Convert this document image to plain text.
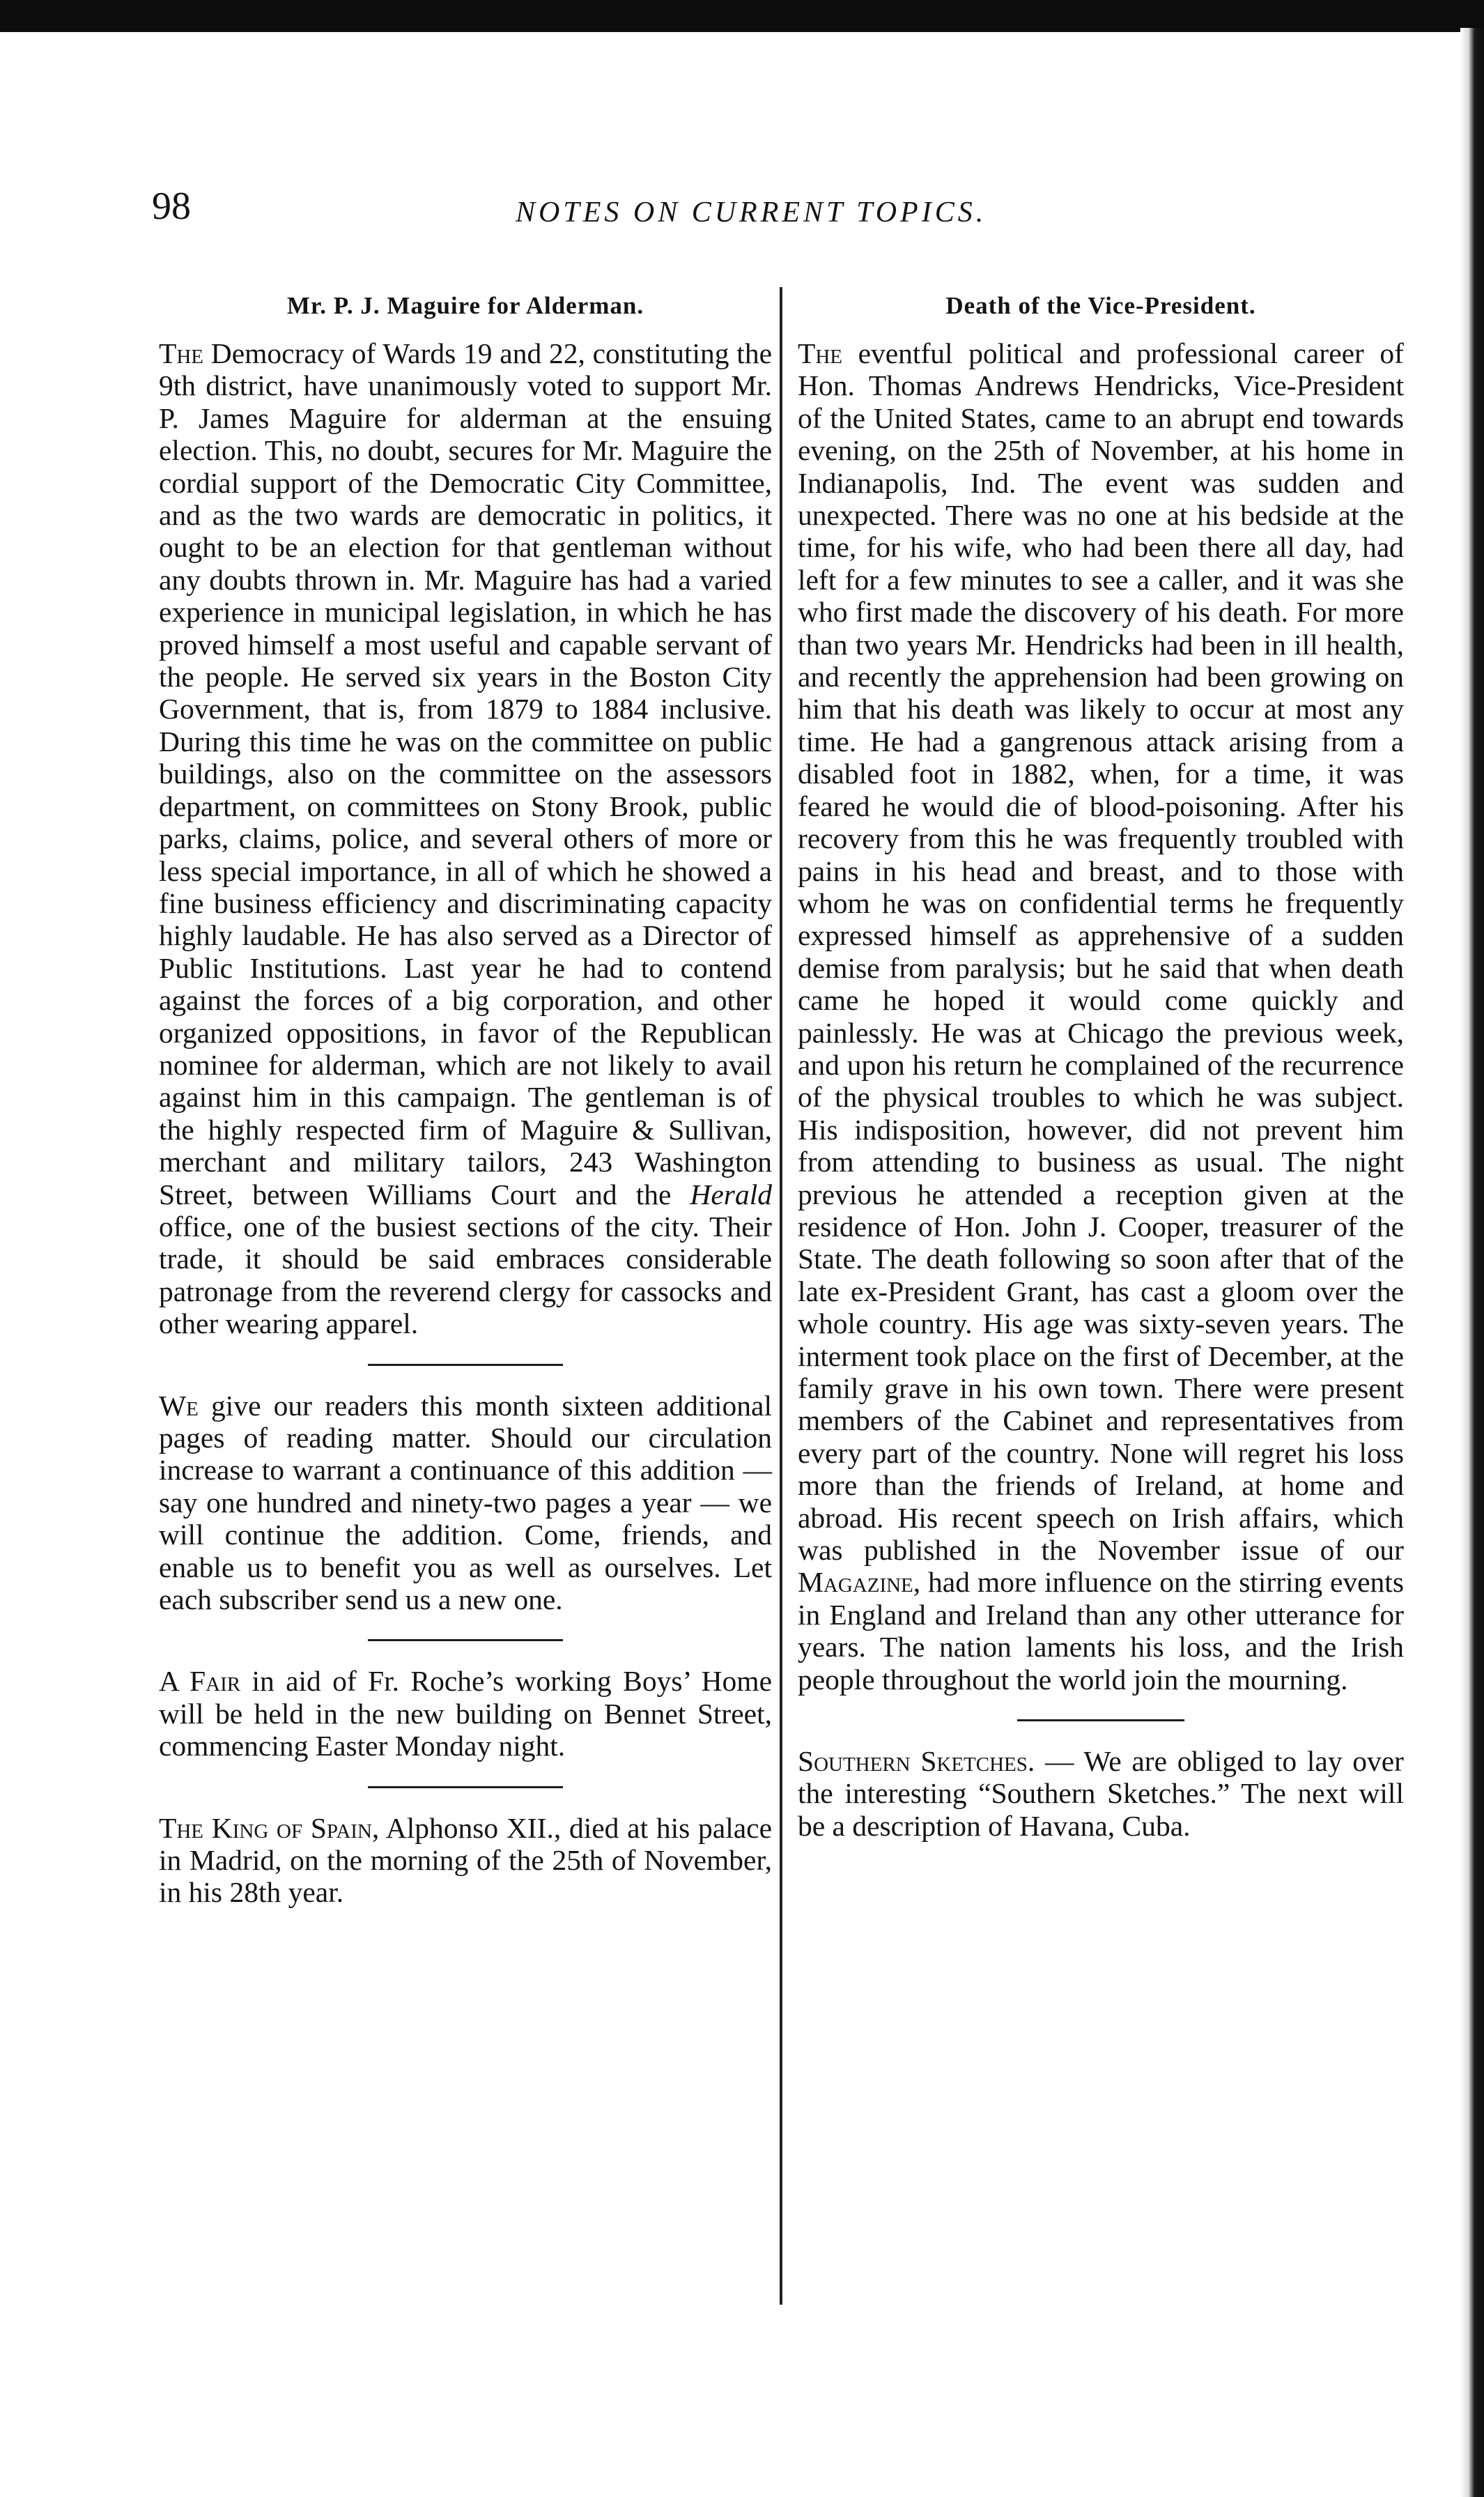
98	NOTES ON CURRENT TOPICS.
Mr. P. J. Maguire for Alderman.

The Democracy of Wards 19 and 22, constituting the 9th district, have unanimously voted to support Mr. P. James Maguire for alderman at the ensuing election. This, no doubt, secures for Mr. Maguire the cordial support of the Democratic City Committee, and as the two wards are democratic in politics, it ought to be an election for that gentleman without any doubts thrown in. Mr. Maguire has had a varied experience in municipal legislation, in which he has proved himself a most useful and capable servant of the people. He served six years in the Boston City Government, that is, from 1879 to 1884 inclusive. During this time he was on the committee on public buildings, also on the committee on the assessors department, on committees on Stony Brook, public parks, claims, police, and several others of more or less special importance, in all of which he showed a fine business efficiency and discriminating capacity highly laudable. He has also served as a Director of Public Institutions. Last year he had to contend against the forces of a big corporation, and other organized oppositions, in favor of the Republican nominee for alderman, which are not likely to avail against him in this campaign. The gentleman is of the highly respected firm of Maguire & Sullivan, merchant and military tailors, 243 Washington Street, between Williams Court and the Herald office, one of the busiest sections of the city. Their trade, it should be said embraces considerable patronage from the reverend clergy for cassocks and other wearing apparel.

We give our readers this month sixteen additional pages of reading matter. Should our circulation increase to warrant a continuance of this addition — say one hundred and ninety-two pages a year — we will continue the addition. Come, friends, and enable us to benefit you as well as ourselves. Let each subscriber send us a new one.

A Fair in aid of Fr. Roche’s working Boys’ Home will be held in the new building on Bennet Street, commencing Easter Monday night.

The King of Spain, Alphonso XII., died at his palace in Madrid, on the morning of the 25th of November, in his 28th year.

Death of the Vice-President.

The eventful political and professional career of Hon. Thomas Andrews Hendricks, Vice-President of the United States, came to an abrupt end towards evening, on the 25th of November, at his home in Indianapolis, Ind. The event was sudden and unexpected. There was no one at his bedside at the time, for his wife, who had been there all day, had left for a few minutes to see a caller, and it was she who first made the discovery of his death. For more than two years Mr. Hendricks had been in ill health, and recently the apprehension had been growing on him that his death was likely to occur at most any time. He had a gangrenous attack arising from a disabled foot in 1882, when, for a time, it was feared he would die of blood-poisoning. After his recovery from this he was frequently troubled with pains in his head and breast, and to those with whom he was on confidential terms he frequently expressed himself as apprehensive of a sudden demise from paralysis; but he said that when death came he hoped it would come quickly and painlessly. He was at Chicago the previous week, and upon his return he complained of the recurrence of the physical troubles to which he was subject. His indisposition, however, did not prevent him from attending to business as usual. The night previous he attended a reception given at the residence of Hon. John J. Cooper, treasurer of the State. The death following so soon after that of the late ex-President Grant, has cast a gloom over the whole country. His age was sixty-seven years. The interment took place on the first of December, at the family grave in his own town. There were present members of the Cabinet and representatives from every part of the country. None will regret his loss more than the friends of Ireland, at home and abroad. His recent speech on Irish affairs, which was published in the November issue of our Magazine, had more influence on the stirring events in England and Ireland than any other utterance for years. The nation laments his loss, and the Irish people throughout the world join the mourning.

Southern Sketches. — We are obliged to lay over the interesting “Southern Sketches.” The next will be a description of Havana, Cuba.
